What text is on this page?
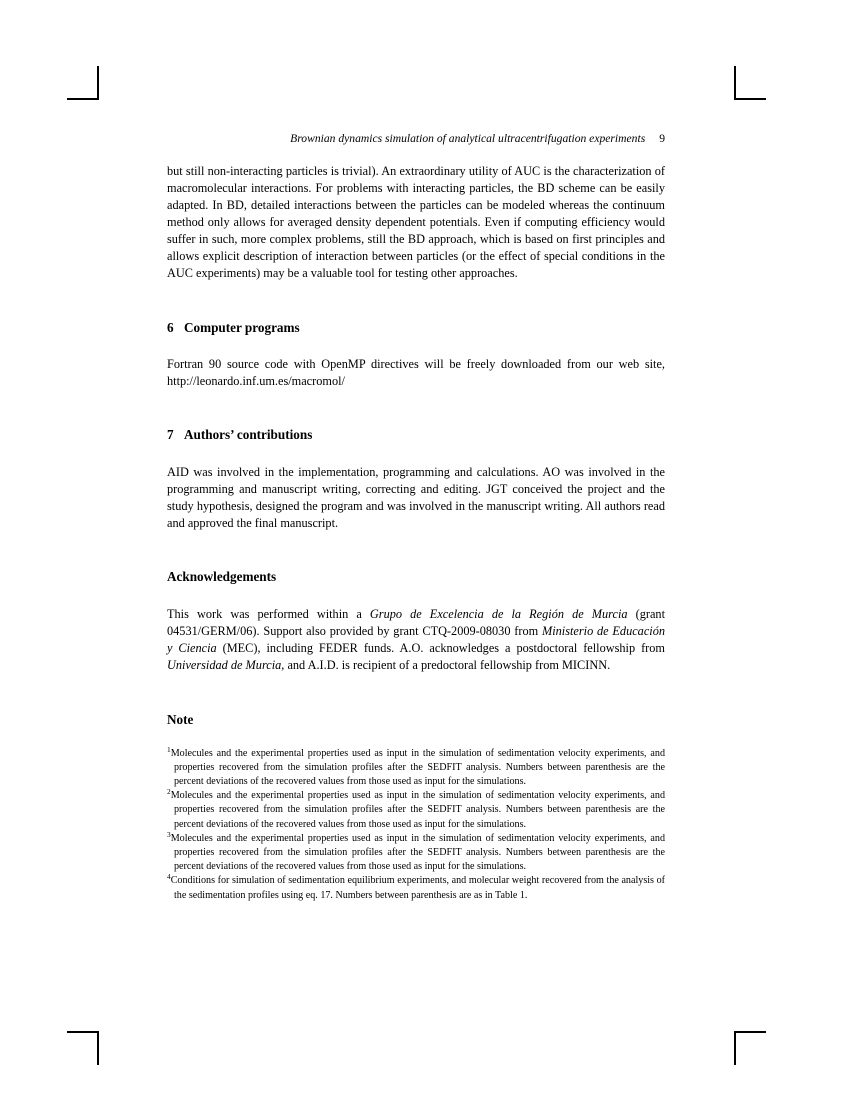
Brownian dynamics simulation of analytical ultracentrifugation experiments 9

but still non-interacting particles is trivial). An extraordinary utility of AUC is the characterization of macromolecular interactions. For problems with interacting particles, the BD scheme can be easily adapted. In BD, detailed interactions between the particles can be modeled whereas the continuum method only allows for averaged density dependent potentials. Even if computing efficiency would suffer in such, more complex problems, still the BD approach, which is based on first principles and allows explicit description of interaction between particles (or the effect of special conditions in the AUC experiments) may be a valuable tool for testing other approaches.

6 Computer programs

Fortran 90 source code with OpenMP directives will be freely downloaded from our web site, http://leonardo.inf.um.es/macromol/

7 Authors’ contributions

AID was involved in the implementation, programming and calculations. AO was involved in the programming and manuscript writing, correcting and editing. JGT conceived the project and the study hypothesis, designed the program and was involved in the manuscript writing. All authors read and approved the final manuscript.

Acknowledgements

This work was performed within a Grupo de Excelencia de la Región de Murcia (grant 04531/GERM/06). Support also provided by grant CTQ-2009-08030 from Ministerio de Educación y Ciencia (MEC), including FEDER funds. A.O. acknowledges a postdoctoral fellowship from Universidad de Murcia, and A.I.D. is recipient of a predoctoral fellowship from MICINN.

Note

$^1$Molecules and the experimental properties used as input in the simulation of sedimentation velocity experiments, and properties recovered from the simulation profiles after the SEDFIT analysis. Numbers between parenthesis are the percent deviations of the recovered values from those used as input for the simulations.

$^2$Molecules and the experimental properties used as input in the simulation of sedimentation velocity experiments, and properties recovered from the simulation profiles after the SEDFIT analysis. Numbers between parenthesis are the percent deviations of the recovered values from those used as input for the simulations.

$^3$Molecules and the experimental properties used as input in the simulation of sedimentation velocity experiments, and properties recovered from the simulation profiles after the SEDFIT analysis. Numbers between parenthesis are the percent deviations of the recovered values from those used as input for the simulations.

$^4$Conditions for simulation of sedimentation equilibrium experiments, and molecular weight recovered from the analysis of the sedimentation profiles using eq. 17. Numbers between parenthesis are as in Table 1.
